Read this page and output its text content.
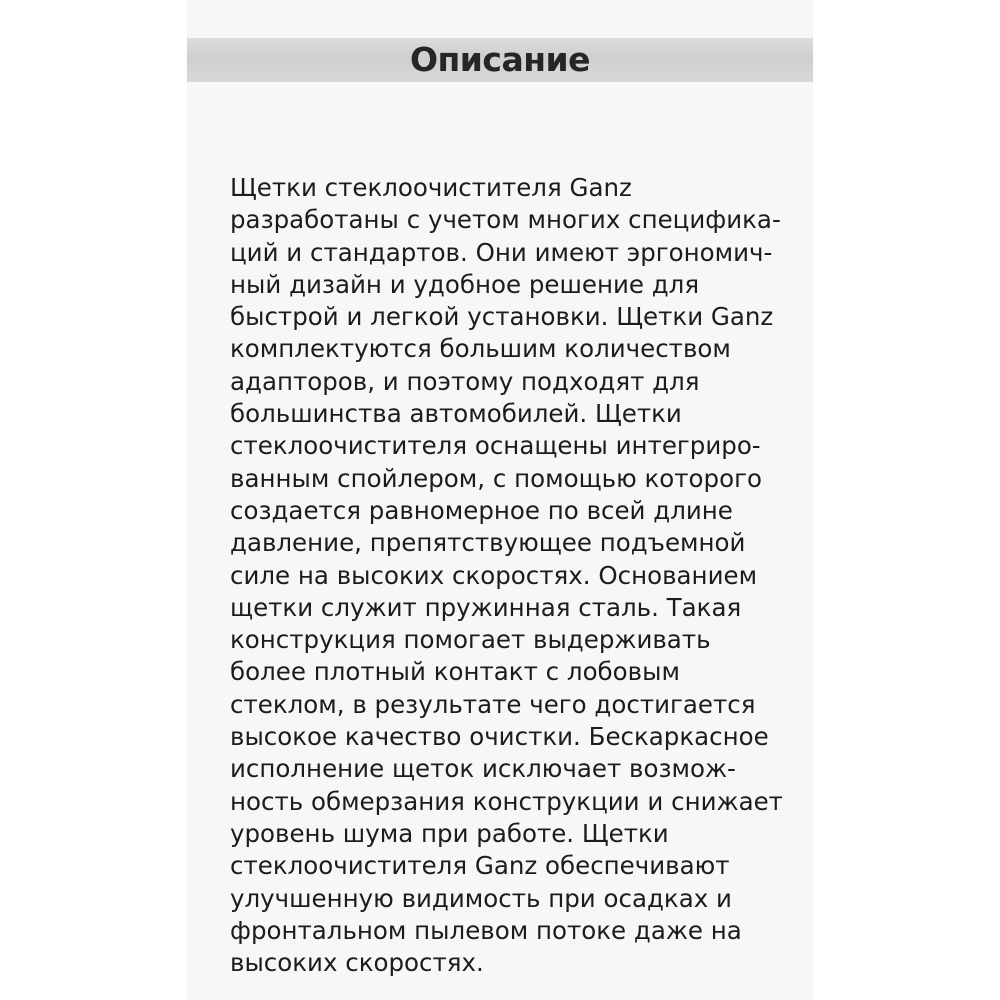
Описание
Щетки стеклоочистителя Ganz
разработаны с учетом многих специфика-
ций и стандартов. Они имеют эргономич-
ный дизайн и удобное решение для
быстрой и легкой установки. Щетки Ganz
комплектуются большим количеством
адаптоpов, и поэтому подходят для
большинства автомобилей. Щетки
стеклоочистителя оснащены интегриро-
ванным спойлером, с помощью которого
создается равномерное по всей длине
давление, препятствующее подъемной
силе на высоких скоростях. Основанием
щетки служит пружинная сталь. Такая
конструкция помогает выдерживать
более плотный контакт с лобовым
стеклом, в результате чего достигается
высокое качество очистки. Бескаркасное
исполнение щеток исключает возмож-
ность обмерзания конструкции и снижает
уровень шума при работе. Щетки
стеклоочистителя Ganz обеспечивают
улучшенную видимость при осадках и
фронтальном пылевом потоке даже на
высоких скоростях.
